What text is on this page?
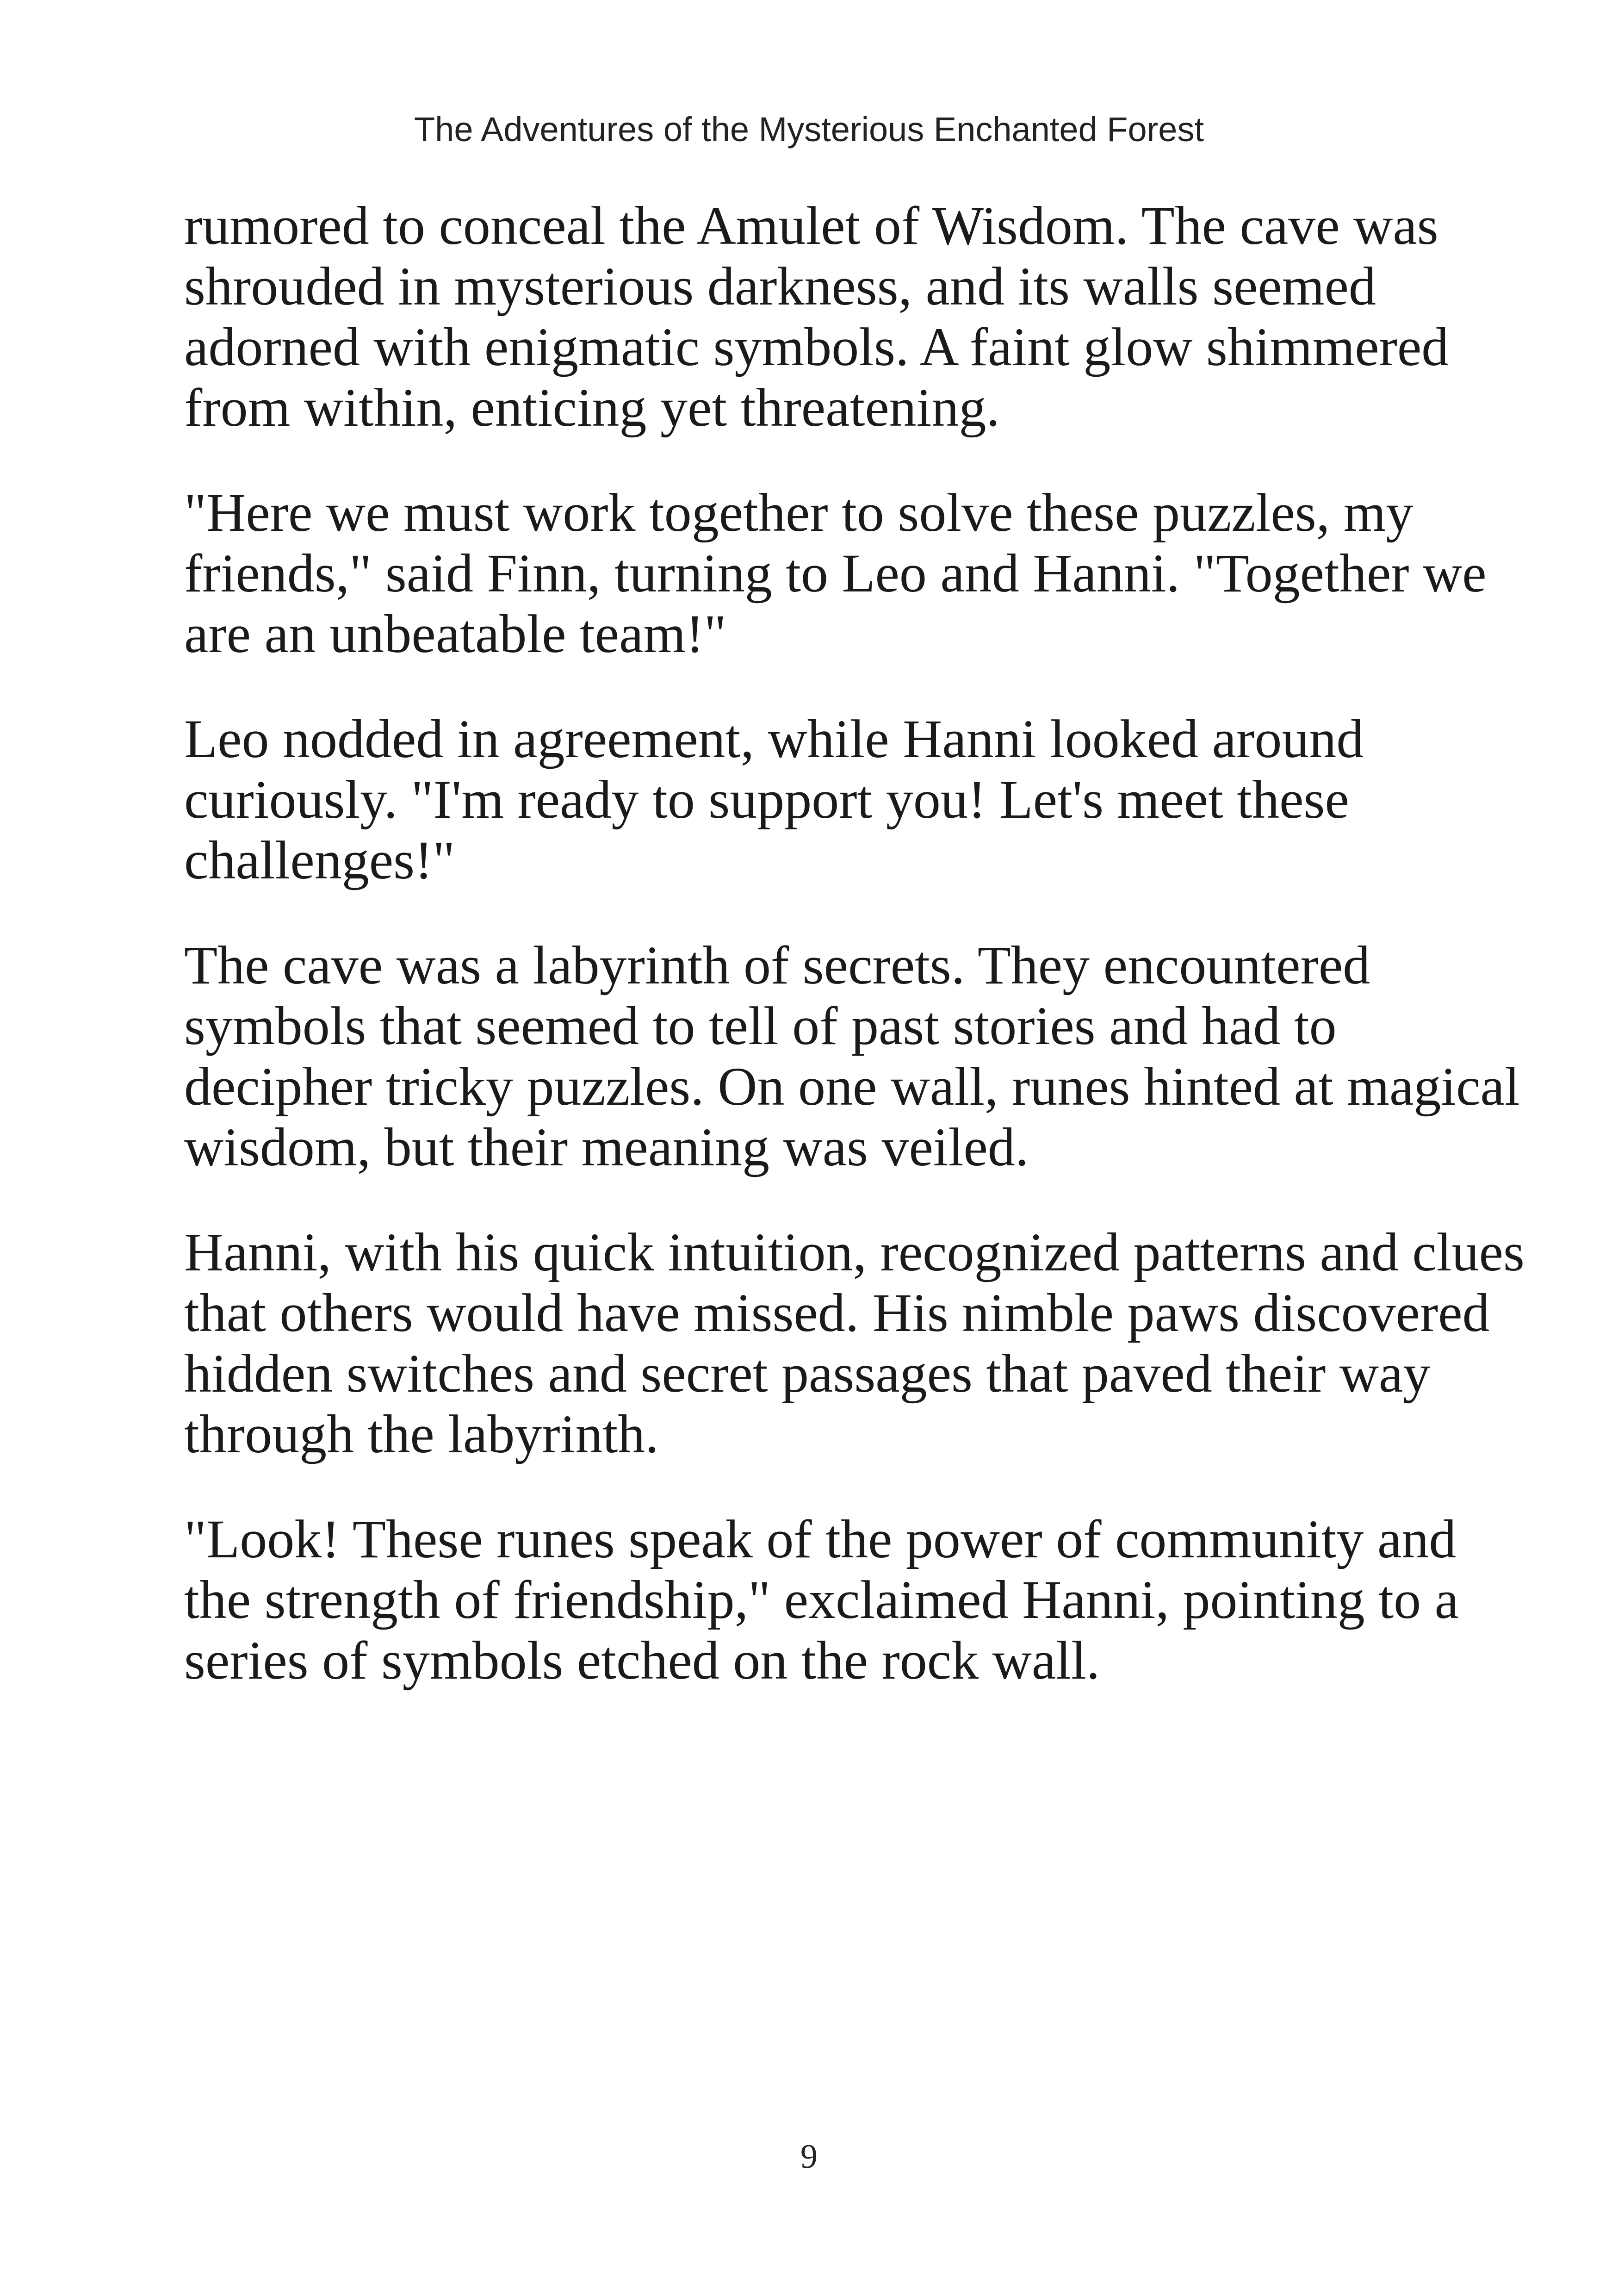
The Adventures of the Mysterious Enchanted Forest

rumored to conceal the Amulet of Wisdom. The cave was shrouded in mysterious darkness, and its walls seemed adorned with enigmatic symbols. A faint glow shimmered from within, enticing yet threatening.

"Here we must work together to solve these puzzles, my friends," said Finn, turning to Leo and Hanni. "Together we are an unbeatable team!"

Leo nodded in agreement, while Hanni looked around curiously. "I'm ready to support you! Let's meet these challenges!"

The cave was a labyrinth of secrets. They encountered symbols that seemed to tell of past stories and had to decipher tricky puzzles. On one wall, runes hinted at magical wisdom, but their meaning was veiled.

Hanni, with his quick intuition, recognized patterns and clues that others would have missed. His nimble paws discovered hidden switches and secret passages that paved their way through the labyrinth.

"Look! These runes speak of the power of community and the strength of friendship," exclaimed Hanni, pointing to a series of symbols etched on the rock wall.

9
